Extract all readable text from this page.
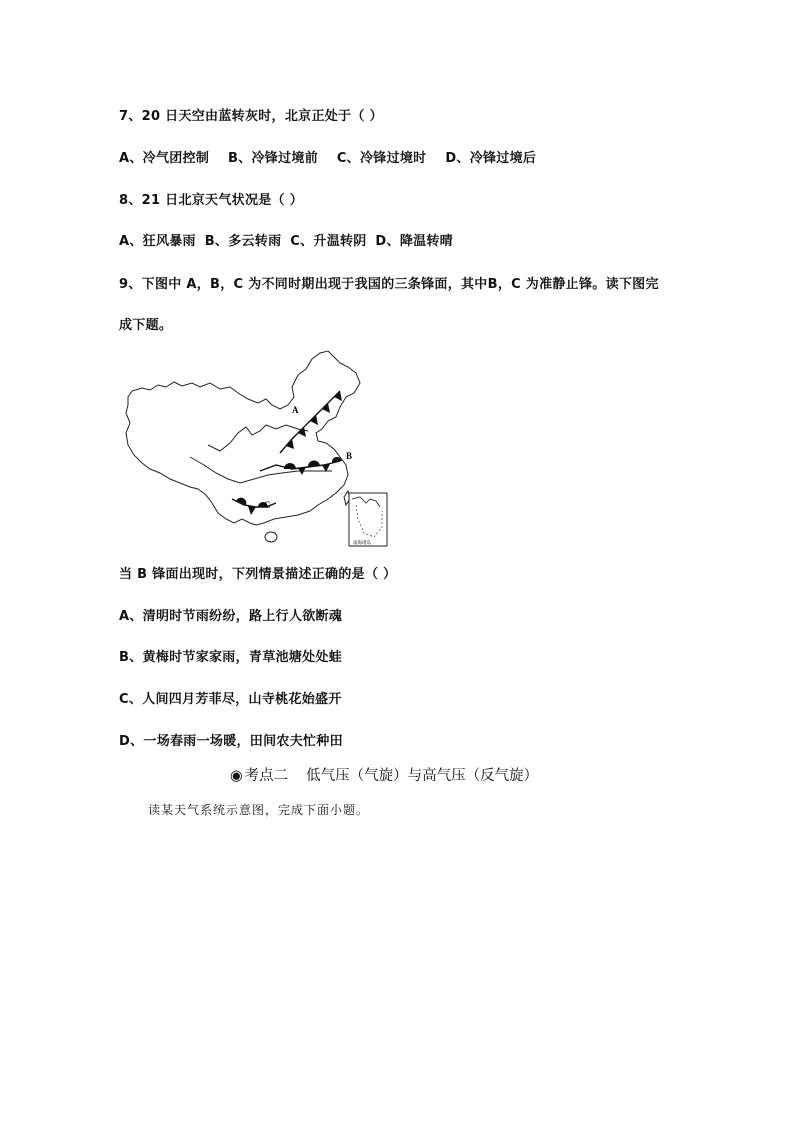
7、20 日天空由蓝转灰时，北京正处于（ ）
A、冷气团控制 B、冷锋过境前 C、冷锋过境时 D、冷锋过境后
8、21 日北京天气状况是（ ）
A、狂风暴雨 B、多云转雨 C、升温转阴 D、降温转晴
9、下图中 A，B，C 为不同时期出现于我国的三条锋面，其中B，C 为准静止锋。读下图完
成下题。
A
B
C
南海诸岛
当 B 锋面出现时，下列情景描述正确的是（ ）
A、清明时节雨纷纷，路上行人欲断魂
B、黄梅时节家家雨，青草池塘处处蛙
C、人间四月芳菲尽，山寺桃花始盛开
D、一场春雨一场暖，田间农夫忙种田
◉ 考点二 低气压（气旋）与高气压（反气旋）
读某天气系统示意图，完成下面小题。
